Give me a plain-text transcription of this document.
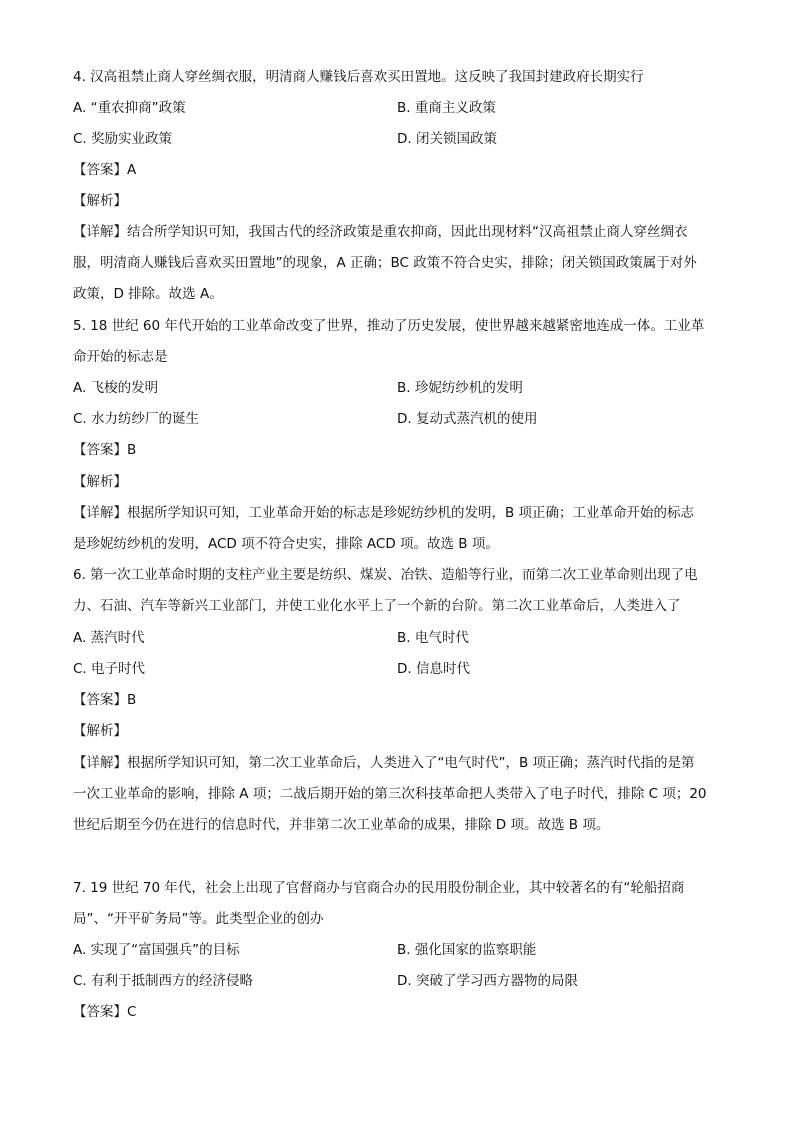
4. 汉高祖禁止商人穿丝绸衣服，明清商人赚钱后喜欢买田置地。这反映了我国封建政府长期实行
A. “重农抑商”政策	B. 重商主义政策
C. 奖励实业政策	D. 闭关锁国政策
【答案】A
【解析】
【详解】结合所学知识可知，我国古代的经济政策是重农抑商，因此出现材料“汉高祖禁止商人穿丝绸衣
服，明清商人赚钱后喜欢买田置地”的现象，A 正确；BC 政策不符合史实，排除；闭关锁国政策属于对外
政策，D 排除。故选 A。
5. 18 世纪 60 年代开始的工业革命改变了世界，推动了历史发展，使世界越来越紧密地连成一体。工业革
命开始的标志是
A. 飞梭的发明	B. 珍妮纺纱机的发明
C. 水力纺纱厂的诞生	D. 复动式蒸汽机的使用
【答案】B
【解析】
【详解】根据所学知识可知，工业革命开始的标志是珍妮纺纱机的发明，B 项正确；工业革命开始的标志
是珍妮纺纱机的发明，ACD 项不符合史实，排除 ACD 项。故选 B 项。
6. 第一次工业革命时期的支柱产业主要是纺织、煤炭、冶铁、造船等行业，而第二次工业革命则出现了电
力、石油、汽车等新兴工业部门，并使工业化水平上了一个新的台阶。第二次工业革命后，人类进入了
A. 蒸汽时代	B. 电气时代
C. 电子时代	D. 信息时代
【答案】B
【解析】
【详解】根据所学知识可知，第二次工业革命后，人类进入了“电气时代”，B 项正确；蒸汽时代指的是第
一次工业革命的影响，排除 A 项；二战后期开始的第三次科技革命把人类带入了电子时代，排除 C 项；20
世纪后期至今仍在进行的信息时代，并非第二次工业革命的成果，排除 D 项。故选 B 项。
7. 19 世纪 70 年代，社会上出现了官督商办与官商合办的民用股份制企业，其中较著名的有“轮船招商
局”、“开平矿务局”等。此类型企业的创办
A. 实现了“富国强兵”的目标	B. 强化国家的监察职能
C. 有利于抵制西方的经济侵略	D. 突破了学习西方器物的局限
【答案】C
